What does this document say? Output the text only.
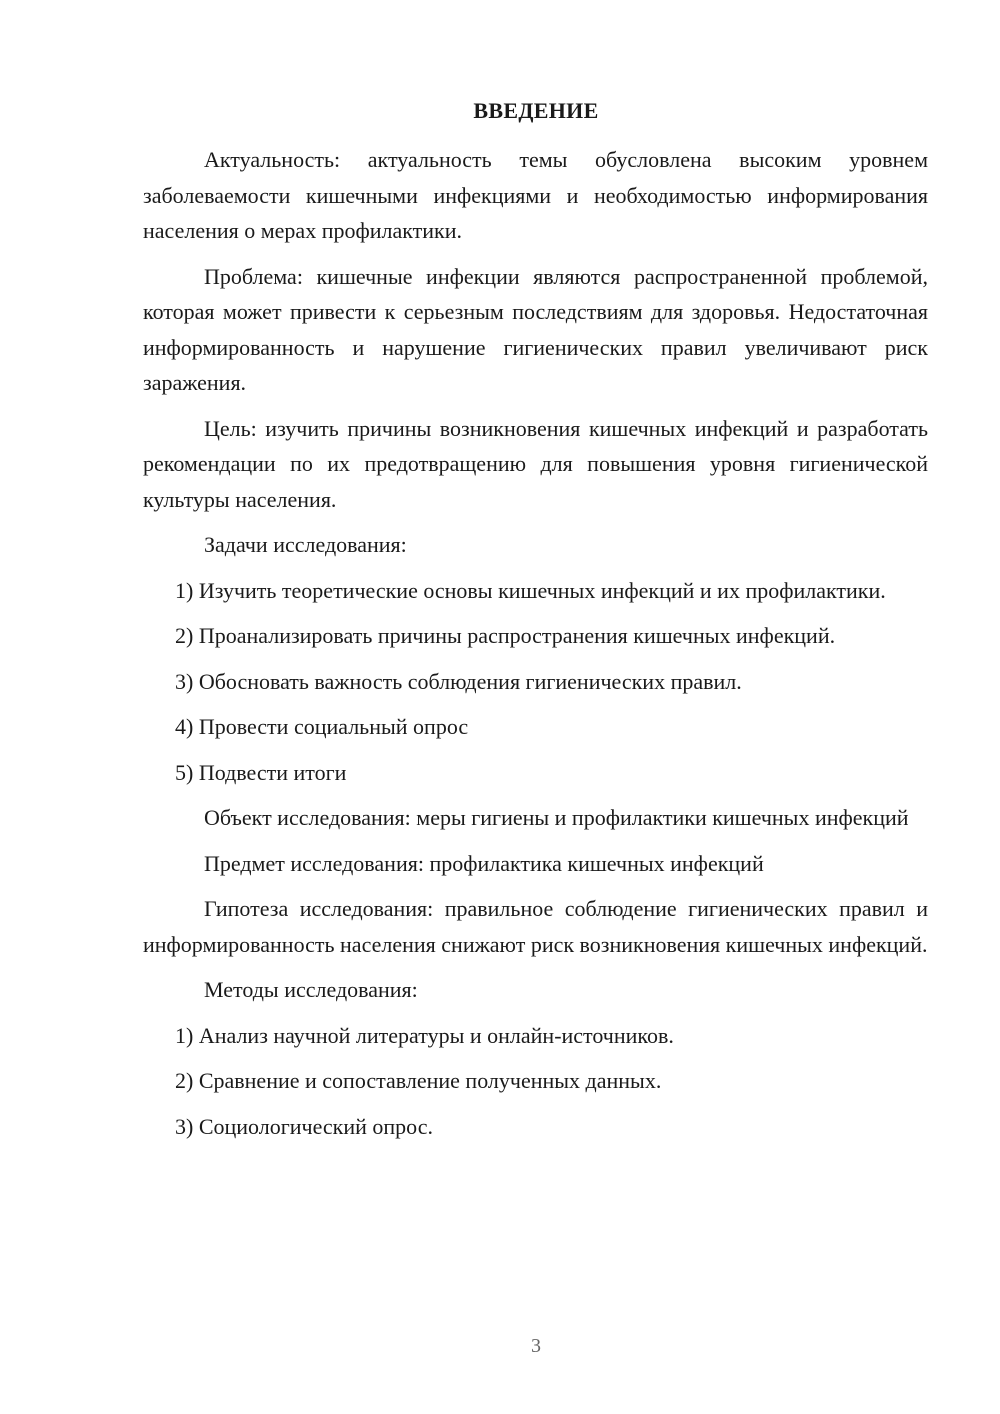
ВВЕДЕНИЕ

Актуальность: актуальность темы обусловлена высоким уровнем заболеваемости кишечными инфекциями и необходимостью информирования населения о мерах профилактики.

Проблема: кишечные инфекции являются распространенной проблемой, которая может привести к серьезным последствиям для здоровья. Недостаточная информированность и нарушение гигиенических правил увеличивают риск заражения.

Цель: изучить причины возникновения кишечных инфекций и разработать рекомендации по их предотвращению для повышения уровня гигиенической культуры населения.

Задачи исследования:

1) Изучить теоретические основы кишечных инфекций и их профилактики.

2) Проанализировать причины распространения кишечных инфекций.

3) Обосновать важность соблюдения гигиенических правил.

4) Провести социальный опрос

5) Подвести итоги

Объект исследования: меры гигиены и профилактики кишечных инфекций

Предмет исследования: профилактика кишечных инфекций

Гипотеза исследования: правильное соблюдение гигиенических правил и информированность населения снижают риск возникновения кишечных инфекций.

Методы исследования:

1) Анализ научной литературы и онлайн-источников.

2) Сравнение и сопоставление полученных данных.

3) Социологический опрос.

3
